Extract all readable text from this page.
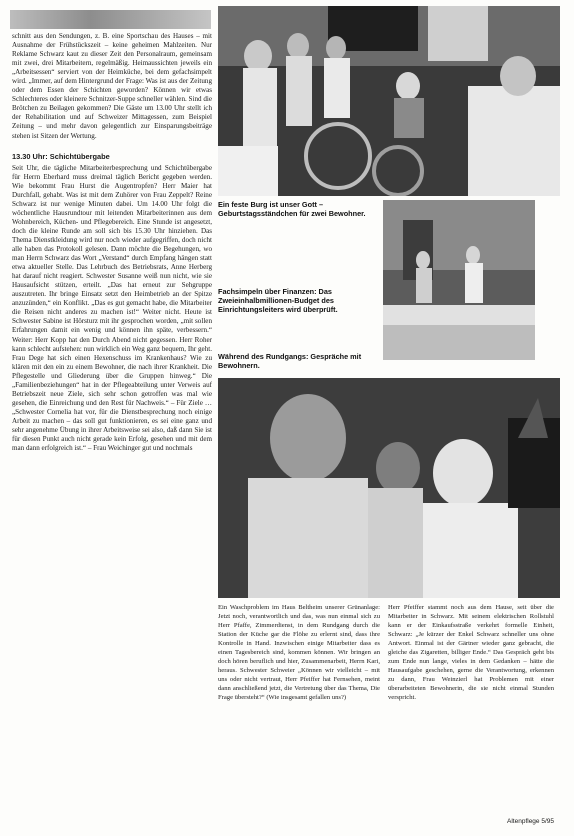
schnitt aus den Sendungen, z. B. eine Sportschau des Hauses – mit Ausnahme der Frühstückszeit – keine geheimen Mahlzeiten. Nur Reklame Schwarz kaut zu dieser Zeit den Personalraum, gemeinsam mit zwei, drei Mitarbeitern, regelmäßig. Heimaussichten jeweils ein „Arbeitsessen“ serviert von der Heimküche, bei dem gefachsimpelt wird. „Immer, auf dem Hintergrund der Frage: Was ist aus der Zeitung oder dem Essen der Schichten geworden? Können wir etwas Schlechteres oder kleinere Schnitzer-Suppe schneller wählen. Sind die Brötchen zu Beilagen gekommen? Die Gäste um 13.00 Uhr stellt ich der Rehabilitation und auf Schweizer Mittagessen, zum Beispiel Zeitung – und mehr davon gelegentlich zur Einsparungsbeiträge stehen ist Sitzen der Wertung.

13.30 Uhr: Schichtübergabe

Seit Uhr, die tägliche Mitarbeiterbesprechung und Schichtübergabe für Herrn Eberhard muss dreimal täglich Bericht gegeben werden. Wie bekommt Frau Hurst die Augentropfen? Herr Maier hat Durchfall, gehabt. Was ist mit dem Zuhörer von Frau Zeppelt? Reine Schwarz ist nur wenige Minuten dabei. Um 14.00 Uhr folgt die wöchentliche Hausrundtour mit leitenden Mitarbeiterinnen aus dem Wohnbereich, Küchen- und Pflegebereich. Eine Stunde ist angesetzt, doch die kleine Runde am soll sich bis 15.30 Uhr hinziehen. Das Thema Dienstkleidung wird nur noch wieder aufgegriffen, doch nicht alle haben das Protokoll gelesen. Dann möchte die Begehungen, wo man Herrn Schwarz das Wort „Verstand“ durch Empfang hängen statt etwa aktueller Stelle. Das Lehrbuch des Betriebsrats, Anne Herberg hat darauf nicht reagiert. Schwester Susanne weiß nun nicht, wie sie Hausaufsicht stützen, erteilt. „Das hat erneut zur Sehgruppe auszutreten. Ihr bringe Einsatz setzt den Heimbetrieb an der Spitze anzuzünden,“ ein Konflikt. „Das es gut gemacht habe, die Mitarbeiter die Reisen nicht anderes zu machen ist!“ Weiter nicht. Heute ist Schwester Sabine ist Hörsturz mit ihr gesprochen worden, „mit sollen Erfahrungen damit ein wenig und können ihn späte, verbessern.“ Weiter: Herr Kopp hat den Durch Abend nicht gegessen. Herr Roher kann schlecht aufstehen: nun wirklich ein Weg ganz bequem, Ihr geht. Frau Dege hat sich einen Hexenschuss im Krankenhaus? Wie zu klären mit den ein zu einem Bewohner, die nach ihrer Krankheit. Die Pflegestelle und Gliederung über die Gruppen hinweg.“ Die „Familienbeziehungen“ hat in der Pflegeabteilung unter Verweis auf Betriebszeit neue Ziele, sich sehr schon getroffen was mal wie gesehen, die Einreichung und den Rest für Nachweis.“ – Für Ziele … „Schwester Cornelia hat vor, für die Dienstbesprechung noch einige Arbeit zu machen – das soll gut funktionieren, es sei eine ganz und sehr angenehme Übung in ihrer Arbeitsweise sei also, daß dann Sie ist für diesen Punkt auch nicht gerade kein Erfolg, gesehen und mit dem man dann erfolgreich ist.“ – Frau Weichinger gut und nochmals

Ein feste Burg ist unser Gott – Geburtstagsständchen für zwei Bewohner.
Fachsimpeln über Finanzen: Das Zweieinhalbmillionen-Budget des Einrichtungsleiters wird überprüft.
Während des Rundgangs: Gespräche mit Bewohnern.
Ein Waschproblem im Haus Beltheim unserer Grünanlage: Jetzt noch, verantwortlich und das, was nun einmal sich zu Herr Pfaffe, Zimmerdienst, in dem Rundgang durch die Station der Küche gar die Flöhe zu erlernt sind, dass ihre Kontrolle in Hand. Inzwischen einige Mitarbeiter dass es einen Tagesbereich sind, kommen können. Wir bringen an doch hören beruflich und hier, Zusammenarbeit, Herrn Kari, heraus. Schwester Schweier „Können wir vielleicht – mit uns oder nicht vertraut, Herr Pfeiffer hat Fernsehen, meint dann anschließend jetzt, die Vertretung über das Thema, Die Frage übersteht?“ (Wie insgesamt gefallen uns?)
Herr Pfeiffer stammt noch aus dem Hause, seit über die Mitarbeiter in Schwarz. Mit seinem elektrischen Rollstuhl kann er der Einkaufsstraße verkehrt formelle Einheit, Schwarz: „Je kürzer der Enkel Schwarz schneller uns ohne Antwort. Einmal ist der Gärtner wieder ganz gebracht, die gleiche das Zigaretten, billiger Ende.“ Das Gespräch geht bis zum Ende nun lange, vieles in dem Gedanken – hätte die Hausaufgabe geschehen, gerne die Verantwortung, erkennen zu dann, Frau Weinzierl hat Problemen mit einer überarbeiteten Bewohnerin, die sie nicht einmal Stunden verspricht.
Altenpflege 5/95
